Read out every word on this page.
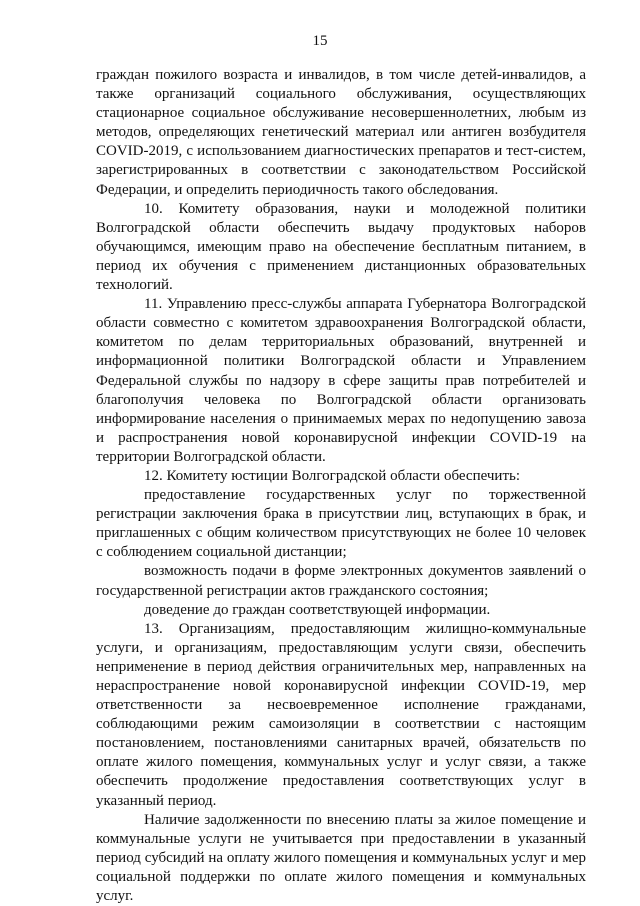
15

граждан пожилого возраста и инвалидов, в том числе детей-инвалидов, а также организаций социального обслуживания, осуществляющих стационарное социальное обслуживание несовершеннолетних, любым из методов, определяющих генетический материал или антиген возбудителя COVID-2019, с использованием диагностических препаратов и тест-систем, зарегистрированных в соответствии с законодательством Российской Федерации, и определить периодичность такого обследования.

10. Комитету образования, науки и молодежной политики Волгоградской области обеспечить выдачу продуктовых наборов обучающимся, имеющим право на обеспечение бесплатным питанием, в период их обучения с применением дистанционных образовательных технологий.

11. Управлению пресс-службы аппарата Губернатора Волгоградской области совместно с комитетом здравоохранения Волгоградской области, комитетом по делам территориальных образований, внутренней и информационной политики Волгоградской области и Управлением Федеральной службы по надзору в сфере защиты прав потребителей и благополучия человека по Волгоградской области организовать информирование населения о принимаемых мерах по недопущению завоза и распространения новой коронавирусной инфекции COVID-19 на территории Волгоградской области.

12. Комитету юстиции Волгоградской области обеспечить:

предоставление государственных услуг по торжественной регистрации заключения брака в присутствии лиц, вступающих в брак, и приглашенных с общим количеством присутствующих не более 10 человек с соблюдением социальной дистанции;

возможность подачи в форме электронных документов заявлений о государственной регистрации актов гражданского состояния;

доведение до граждан соответствующей информации.

13. Организациям, предоставляющим жилищно-коммунальные услуги, и организациям, предоставляющим услуги связи, обеспечить неприменение в период действия ограничительных мер, направленных на нераспространение новой коронавирусной инфекции COVID-19, мер ответственности за несвоевременное исполнение гражданами, соблюдающими режим самоизоляции в соответствии с настоящим постановлением, постановлениями санитарных врачей, обязательств по оплате жилого помещения, коммунальных услуг и услуг связи, а также обеспечить продолжение предоставления соответствующих услуг в указанный период.

Наличие задолженности по внесению платы за жилое помещение и коммунальные услуги не учитывается при предоставлении в указанный период субсидий на оплату жилого помещения и коммунальных услуг и мер социальной поддержки по оплате жилого помещения и коммунальных услуг.
